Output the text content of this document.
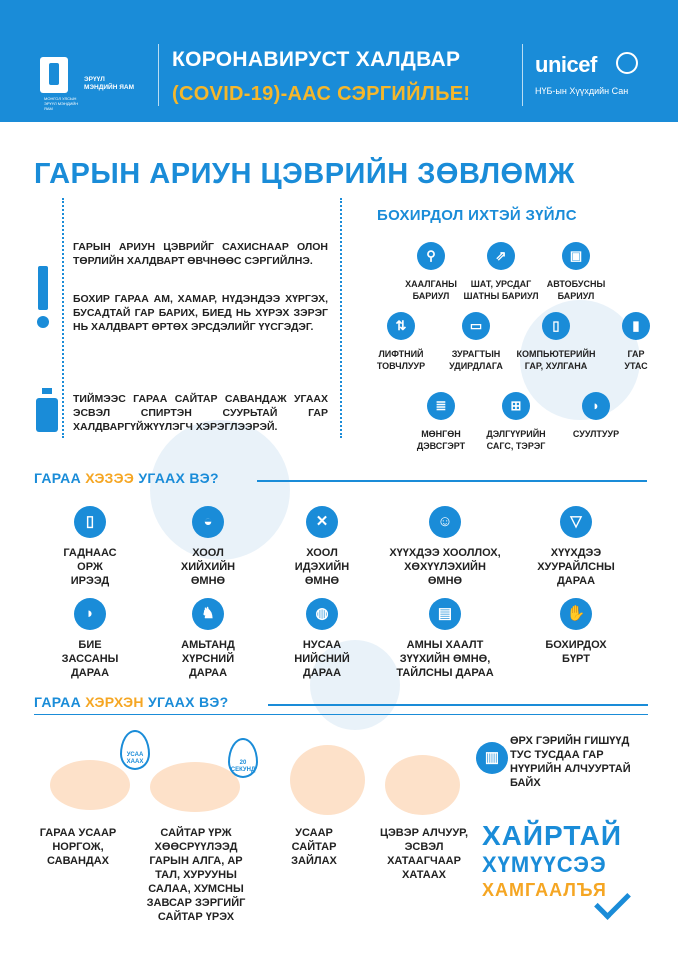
МОНГОЛ УЛСЫН ЭРҮҮЛ МЭНДИЙН ЯАМ
ЭРҮҮЛ
МЭНДИЙН ЯАМ
КОРОНАВИРУСТ ХАЛДВАР
(COVID-19)-ААС СЭРГИЙЛЬЕ!
unicef
НҮБ-ын Хүүхдийн Сан
ГАРЫН АРИУН ЦЭВРИЙН ЗӨВЛӨМЖ
ГАРЫН АРИУН ЦЭВРИЙГ САХИСНААР ОЛОН ТӨРЛИЙН ХАЛДВАРТ ӨВЧНӨӨС СЭРГИЙЛНЭ.
БОХИР ГАРАА АМ, ХАМАР, НҮДЭНДЭЭ ХҮРГЭХ, БУСАДТАЙ ГАР БАРИХ, БИЕД НЬ ХҮРЭХ ЗЭРЭГ НЬ ХАЛДВАРТ ӨРТӨХ ЭРСДЭЛИЙГ ҮҮСГЭДЭГ.
ТИЙМЭЭС ГАРАА САЙТАР САВАНДАЖ УГААХ ЭСВЭЛ СПИРТЭН СУУРЬТАЙ ГАР ХАЛДВАРГҮЙЖҮҮЛЭГЧ ХЭРЭГЛЭЭРЭЙ.
БОХИРДОЛ ИХТЭЙ ЗҮЙЛС
⚲
ХААЛГАНЫ
БАРИУЛ
⇗
ШАТ, УРСДАГ
ШАТНЫ БАРИУЛ
▣
АВТОБУСНЫ
БАРИУЛ
⇅
ЛИФТНИЙ
ТОВЧЛУУР
▭
ЗУРАГТЫН
УДИРДЛАГА
▯
КОМПЬЮТЕРИЙН
ГАР, ХУЛГАНА
▮
ГАР
УТАС
≣
МӨНГӨН
ДЭВСГЭРТ
⊞
ДЭЛГҮҮРИЙН
САГС, ТЭРЭГ
◗
СУУЛТУУР
ГАРАА ХЭЗЭЭ УГААХ ВЭ?
▯
ГАДНААС
ОРЖ
ИРЭЭД
◒
ХООЛ
ХИЙХИЙН
ӨМНӨ
✕
ХООЛ
ИДЭХИЙН
ӨМНӨ
☺
ХҮҮХДЭЭ ХООЛЛОХ,
ХӨХҮҮЛЭХИЙН
ӨМНӨ
▽
ХҮҮХДЭЭ
ХУУРАЙЛСНЫ
ДАРАА
◗
БИЕ
ЗАССАНЫ
ДАРАА
♞
АМЬТАНД
ХҮРСНИЙ
ДАРАА
◍
НУСАА
НИЙСНИЙ
ДАРАА
▤
АМНЫ ХААЛТ
ЗҮҮХИЙН ӨМНӨ,
ТАЙЛСНЫ ДАРАА
✋
БОХИРДОХ
БҮРТ
ГАРАА ХЭРХЭН УГААХ ВЭ?
УСАА
ХААХ	20
СЕКУНД
▥
ӨРХ ГЭРИЙН ГИШҮҮД
ТУС ТУСДАА ГАР
НҮҮРИЙН АЛЧУУРТАЙ
БАЙХ
ГАРАА УСААР
НОРГОЖ,
САВАНДАХ
САЙТАР ҮРЖ
ХӨӨСРҮҮЛЭЭД
ГАРЫН АЛГА, АР
ТАЛ, ХУРУУНЫ
САЛАА, ХУМСНЫ
ЗАВСАР ЗЭРГИЙГ
САЙТАР ҮРЭХ
УСААР
САЙТАР
ЗАЙЛАХ
ЦЭВЭР АЛЧУУР,
ЭСВЭЛ
ХАТААГЧААР
ХАТААХ
ХАЙРТАЙ
ХҮМҮҮСЭЭ
ХАМГААЛЪЯ
